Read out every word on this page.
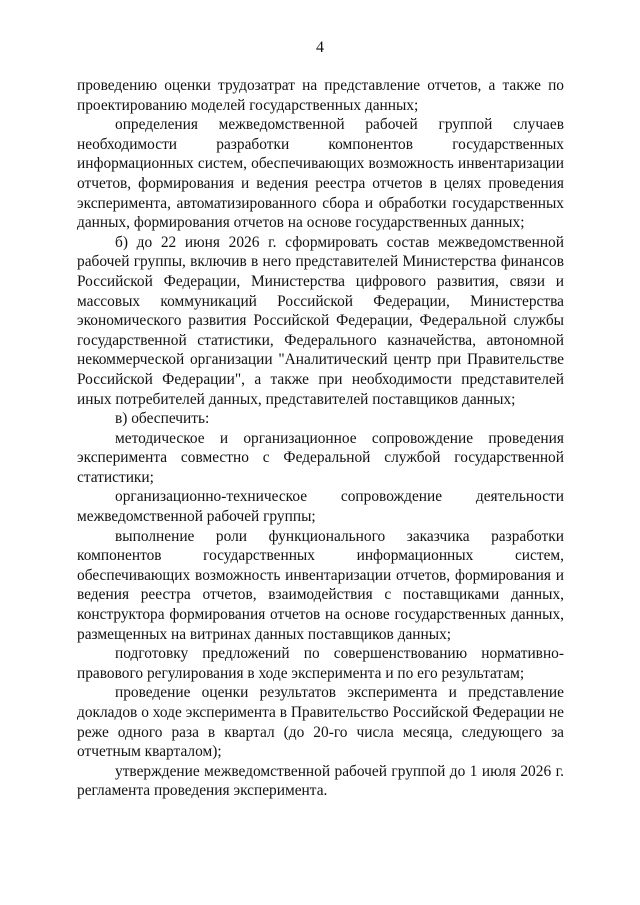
4

проведению оценки трудозатрат на представление отчетов, а также по проектированию моделей государственных данных;

определения межведомственной рабочей группой случаев необходимости разработки компонентов государственных информационных систем, обеспечивающих возможность инвентаризации отчетов, формирования и ведения реестра отчетов в целях проведения эксперимента, автоматизированного сбора и обработки государственных данных, формирования отчетов на основе государственных данных;

б) до 22 июня 2026 г. сформировать состав межведомственной рабочей группы, включив в него представителей Министерства финансов Российской Федерации, Министерства цифрового развития, связи и массовых коммуникаций Российской Федерации, Министерства экономического развития Российской Федерации, Федеральной службы государственной статистики, Федерального казначейства, автономной некоммерческой организации "Аналитический центр при Правительстве Российской Федерации", а также при необходимости представителей иных потребителей данных, представителей поставщиков данных;

в) обеспечить:

методическое и организационное сопровождение проведения эксперимента совместно с Федеральной службой государственной статистики;

организационно-техническое сопровождение деятельности межведомственной рабочей группы;

выполнение роли функционального заказчика разработки компонентов государственных информационных систем, обеспечивающих возможность инвентаризации отчетов, формирования и ведения реестра отчетов, взаимодействия с поставщиками данных, конструктора формирования отчетов на основе государственных данных, размещенных на витринах данных поставщиков данных;

подготовку предложений по совершенствованию нормативно-правового регулирования в ходе эксперимента и по его результатам;

проведение оценки результатов эксперимента и представление докладов о ходе эксперимента в Правительство Российской Федерации не реже одного раза в квартал (до 20-го числа месяца, следующего за отчетным кварталом);

утверждение межведомственной рабочей группой до 1 июля 2026 г. регламента проведения эксперимента.
